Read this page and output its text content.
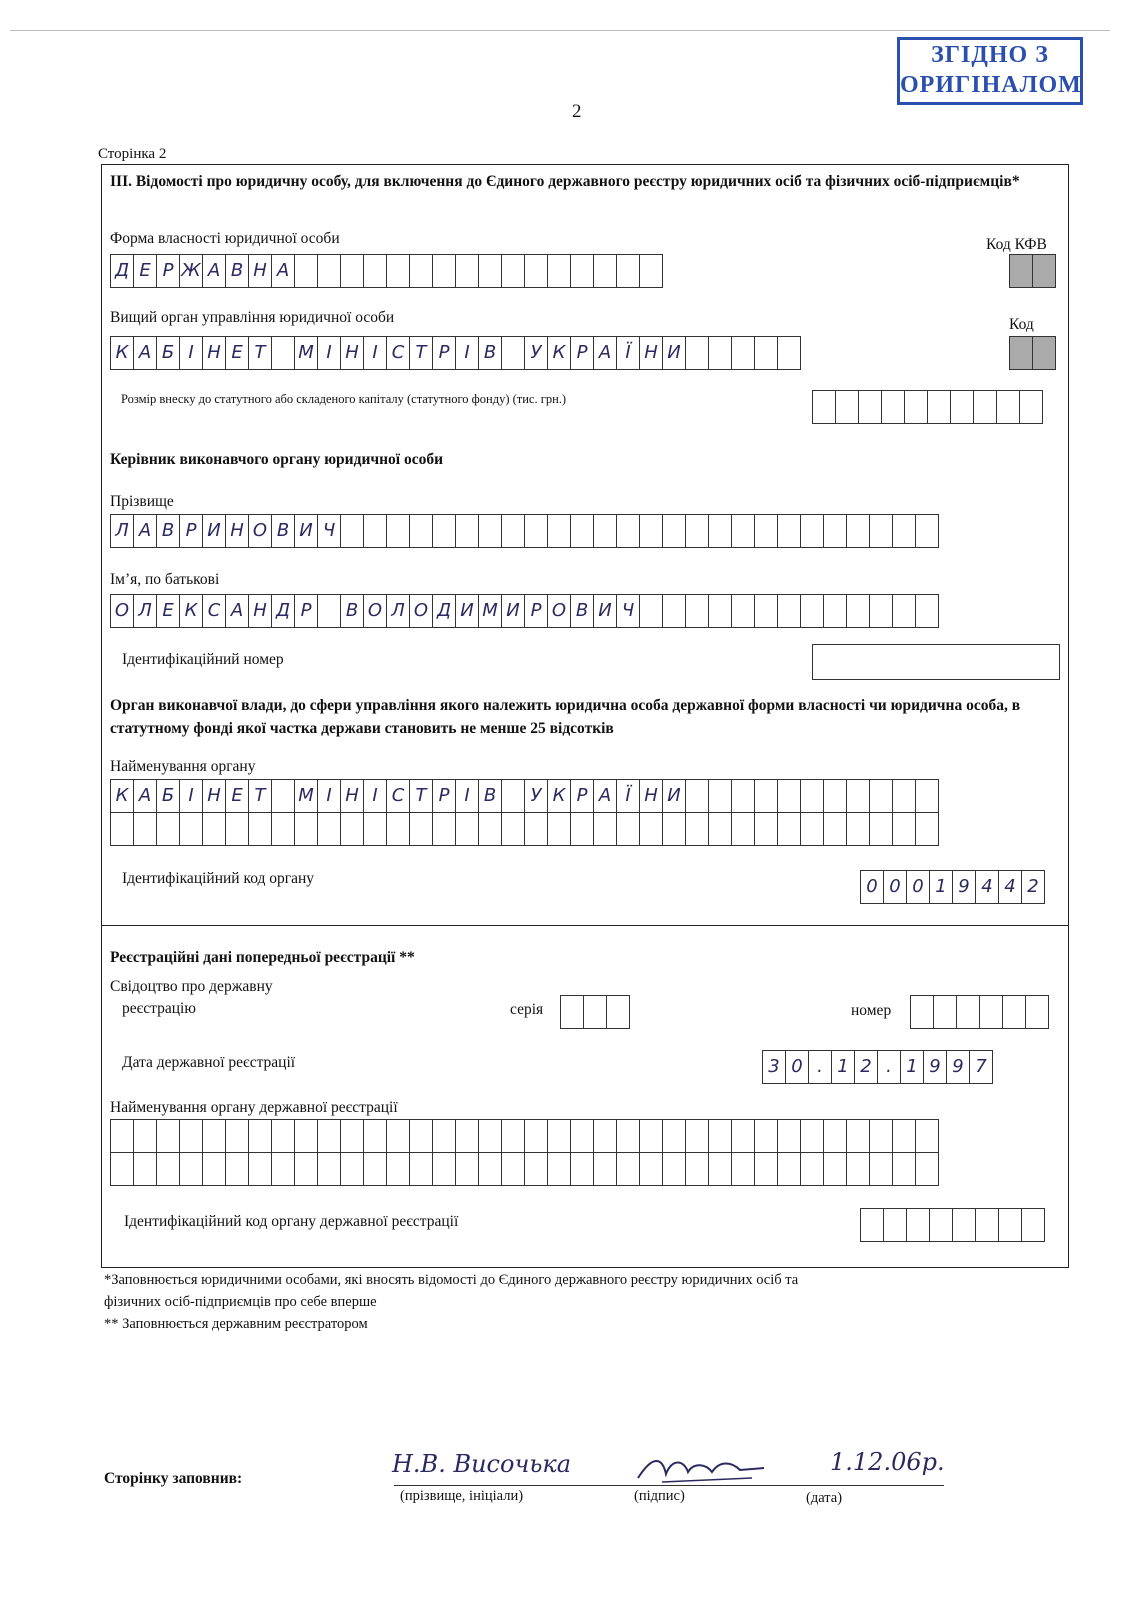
ЗГІДНО З
ОРИГІНАЛОМ
2
Сторінка 2
III. Відомості про юридичну особу, для включення до Єдиного державного реєстру юридичних осіб та фізичних осіб-підприємців*
Форма власності юридичної особи	Код КФВ
Д Е Р Ж А В Н А
Вищий орган управління юридичної особи	Код
К А Б І Н Е Т	М І Н І С Т Р І В	У К Р А Ї Н И
Розмір внеску до статутного або складеного капіталу (статутного фонду) (тис. грн.)
Керівник виконавчого органу юридичної особи
Прізвище
Л А В Р И Н О В И Ч
Ім’я, по батькові
О Л Е К С А Н Д Р	В О Л О Д И М И Р О В И Ч
Ідентифікаційний номер
Орган виконавчої влади, до сфери управління якого належить юридична особа державної форми власності чи юридична особа, в статутному фонді якої частка держави становить не менше 25 відсотків
Найменування органу
К А Б І Н Е Т	М І Н І С Т Р І В	У К Р А Ї Н И
Ідентифікаційний код органу	0 0 0 1 9 4 4 2
Реєстраційні дані попередньої реєстрації **
Свідоцтво про державну
реєстрацію	серія	номер
Дата державної реєстрації	3 0 . 1 2 . 1 9 9 7
Найменування органу державної реєстрації
Ідентифікаційний код органу державної реєстрації
*Заповнюється юридичними особами, які вносять відомості до Єдиного державного реєстру юридичних осіб та
фізичних осіб-підприємців про себе вперше
** Заповнюється державним реєстратором
Сторінку заповнив:
Н.В. Височька	1.12.06р.
(прізвище, ініціали)	(підпис)	(дата)
